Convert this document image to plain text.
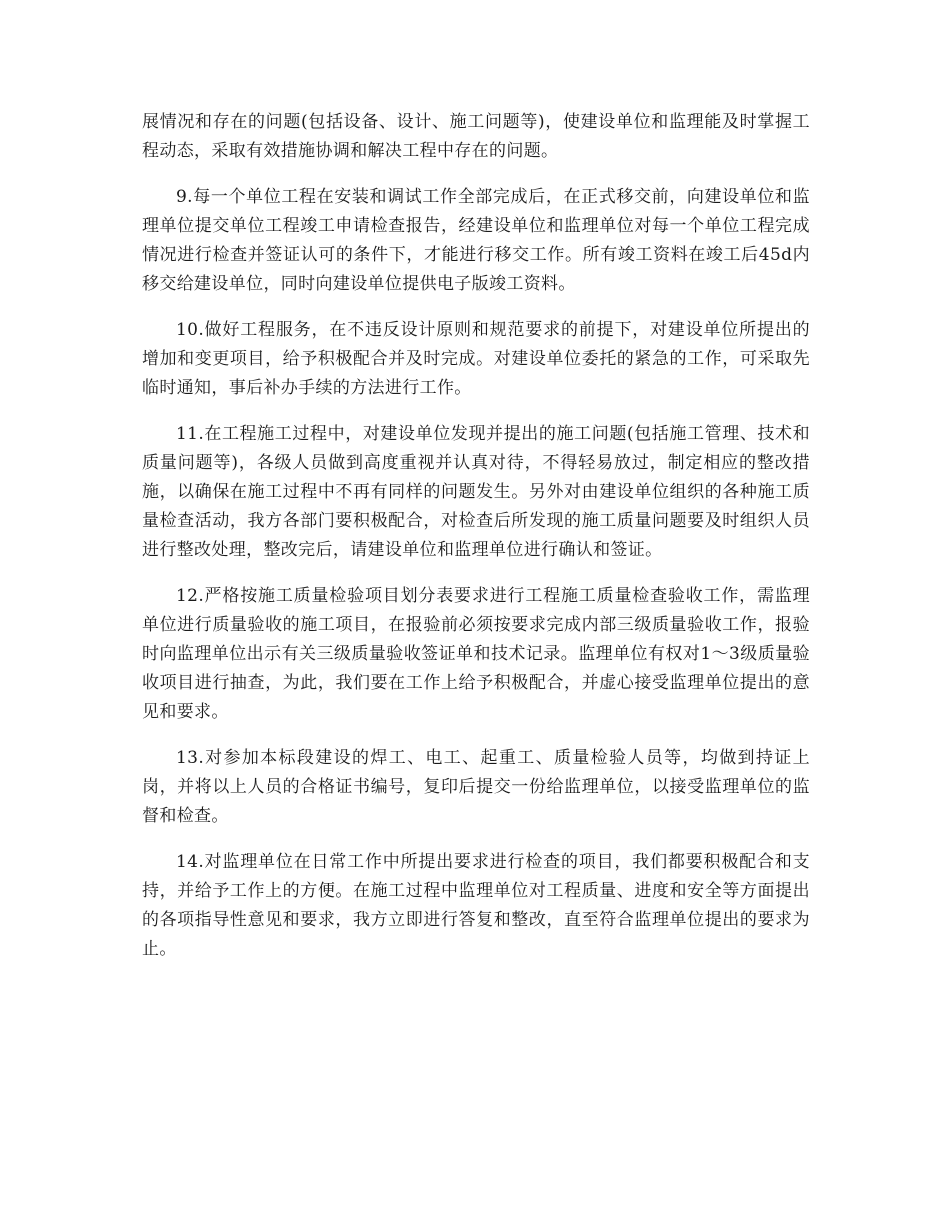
展情况和存在的问题(包括设备、设计、施工问题等)，使建设单位和监理能及时掌握工程动态，采取有效措施协调和解决工程中存在的问题。

9.每一个单位工程在安装和调试工作全部完成后，在正式移交前，向建设单位和监理单位提交单位工程竣工申请检查报告，经建设单位和监理单位对每一个单位工程完成情况进行检查并签证认可的条件下，才能进行移交工作。所有竣工资料在竣工后45d内移交给建设单位，同时向建设单位提供电子版竣工资料。

10.做好工程服务，在不违反设计原则和规范要求的前提下，对建设单位所提出的增加和变更项目，给予积极配合并及时完成。对建设单位委托的紧急的工作，可采取先临时通知，事后补办手续的方法进行工作。

11.在工程施工过程中，对建设单位发现并提出的施工问题(包括施工管理、技术和质量问题等)，各级人员做到高度重视并认真对待，不得轻易放过，制定相应的整改措施，以确保在施工过程中不再有同样的问题发生。另外对由建设单位组织的各种施工质量检查活动，我方各部门要积极配合，对检查后所发现的施工质量问题要及时组织人员进行整改处理，整改完后，请建设单位和监理单位进行确认和签证。

12.严格按施工质量检验项目划分表要求进行工程施工质量检查验收工作，需监理单位进行质量验收的施工项目，在报验前必须按要求完成内部三级质量验收工作，报验时向监理单位出示有关三级质量验收签证单和技术记录。监理单位有权对1～3级质量验收项目进行抽查，为此，我们要在工作上给予积极配合，并虚心接受监理单位提出的意见和要求。

13.对参加本标段建设的焊工、电工、起重工、质量检验人员等，均做到持证上岗，并将以上人员的合格证书编号，复印后提交一份给监理单位，以接受监理单位的监督和检查。

14.对监理单位在日常工作中所提出要求进行检查的项目，我们都要积极配合和支持，并给予工作上的方便。在施工过程中监理单位对工程质量、进度和安全等方面提出的各项指导性意见和要求，我方立即进行答复和整改，直至符合监理单位提出的要求为止。
